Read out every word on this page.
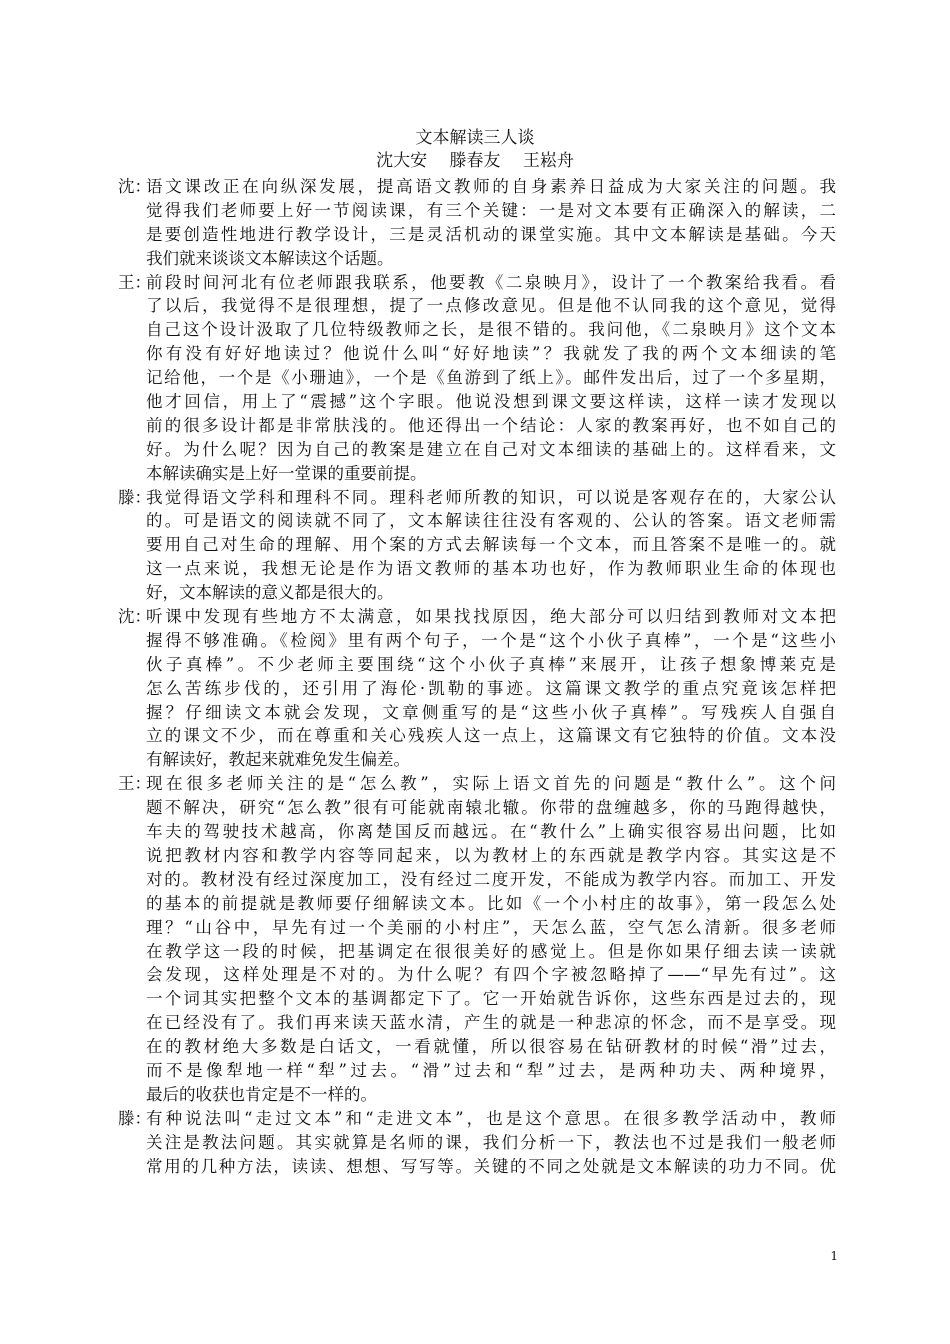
文本解读三人谈
沈大安　 滕春友　 王崧舟
沈：
语文课改正在向纵深发展，提高语文教师的自身素养日益成为大家关注的问题。我
觉得我们老师要上好一节阅读课，有三个关键：一是对文本要有正确深入的解读，二
是要创造性地进行教学设计，三是灵活机动的课堂实施。其中文本解读是基础。今天
我们就来谈谈文本解读这个话题。
王：
前段时间河北有位老师跟我联系，他要教《二泉映月》，设计了一个教案给我看。看
了以后，我觉得不是很理想，提了一点修改意见。但是他不认同我的这个意见，觉得
自己这个设计汲取了几位特级教师之长，是很不错的。我问他，《二泉映月》这个文本
你有没有好好地读过？他说什么叫“好好地读”？我就发了我的两个文本细读的笔
记给他，一个是《小珊迪》，一个是《鱼游到了纸上》。邮件发出后，过了一个多星期，
他才回信，用上了“震撼”这个字眼。他说没想到课文要这样读，这样一读才发现以
前的很多设计都是非常肤浅的。他还得出一个结论：人家的教案再好，也不如自己的
好。为什么呢？因为自己的教案是建立在自己对文本细读的基础上的。这样看来，文
本解读确实是上好一堂课的重要前提。
滕：
我觉得语文学科和理科不同。理科老师所教的知识，可以说是客观存在的，大家公认
的。可是语文的阅读就不同了，文本解读往往没有客观的、公认的答案。语文老师需
要用自己对生命的理解、用个案的方式去解读每一个文本，而且答案不是唯一的。就
这一点来说，我想无论是作为语文教师的基本功也好，作为教师职业生命的体现也
好，文本解读的意义都是很大的。
沈：
听课中发现有些地方不太满意，如果找找原因，绝大部分可以归结到教师对文本把
握得不够准确。《检阅》里有两个句子，一个是“这个小伙子真棒”，一个是“这些小
伙子真棒”。不少老师主要围绕“这个小伙子真棒”来展开，让孩子想象博莱克是
怎么苦练步伐的，还引用了海伦·凯勒的事迹。这篇课文教学的重点究竟该怎样把
握？仔细读文本就会发现，文章侧重写的是“这些小伙子真棒”。写残疾人自强自
立的课文不少，而在尊重和关心残疾人这一点上，这篇课文有它独特的价值。文本没
有解读好，教起来就难免发生偏差。
王：
现在很多老师关注的是“怎么教”，实际上语文首先的问题是“教什么”。这个问
题不解决，研究“怎么教”很有可能就南辕北辙。你带的盘缠越多，你的马跑得越快，
车夫的驾驶技术越高，你离楚国反而越远。在“教什么”上确实很容易出问题，比如
说把教材内容和教学内容等同起来，以为教材上的东西就是教学内容。其实这是不
对的。教材没有经过深度加工，没有经过二度开发，不能成为教学内容。而加工、开发
的基本的前提就是教师要仔细解读文本。比如《一个小村庄的故事》，第一段怎么处
理？“山谷中，早先有过一个美丽的小村庄”，天怎么蓝，空气怎么清新。很多老师
在教学这一段的时候，把基调定在很很美好的感觉上。但是你如果仔细去读一读就
会发现，这样处理是不对的。为什么呢？有四个字被忽略掉了——“早先有过”。这
一个词其实把整个文本的基调都定下了。它一开始就告诉你，这些东西是过去的，现
在已经没有了。我们再来读天蓝水清，产生的就是一种悲凉的怀念，而不是享受。现
在的教材绝大多数是白话文，一看就懂，所以很容易在钻研教材的时候“滑”过去，
而不是像犁地一样“犁”过去。“滑”过去和“犁”过去，是两种功夫、两种境界，
最后的收获也肯定是不一样的。
滕：
有种说法叫“走过文本”和“走进文本”，也是这个意思。在很多教学活动中，教师
关注是教法问题。其实就算是名师的课，我们分析一下，教法也不过是我们一般老师
常用的几种方法，读读、想想、写写等。关键的不同之处就是文本解读的功力不同。优
1
